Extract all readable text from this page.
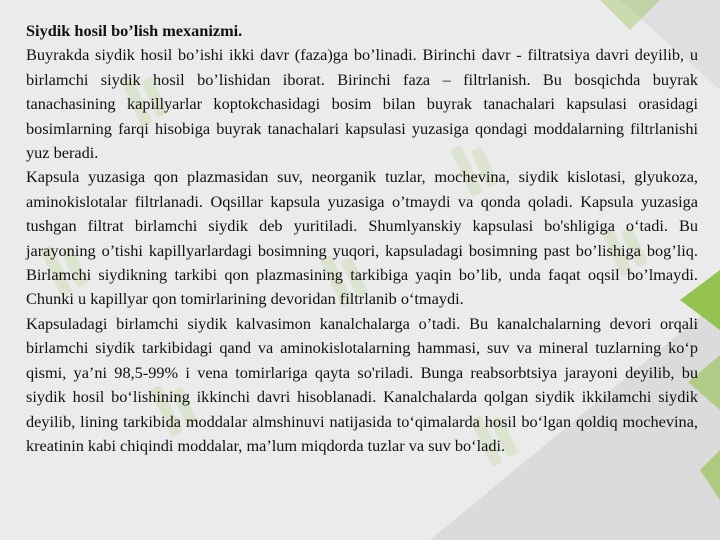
Siydik hosil bo’lish mexanizmi.

Buyrakda siydik hosil bo’ishi ikki davr (faza)ga bo’linadi. Birinchi davr - filtratsiya davri deyilib, u birlamchi siydik hosil bo’lishidan iborat. Birinchi faza – filtrlanish. Bu bosqichda buyrak tanachasining kapillyarlar koptokchasidagi bosim bilan buyrak tanachalari kapsulasi orasidagi bosimlarning farqi hisobiga buyrak tanachalari kapsulasi yuzasiga qondagi moddalarning filtrlanishi yuz beradi.

Kapsula yuzasiga qon plazmasidan suv, neorganik tuzlar, mochevina, siydik kislotasi, glyukoza, aminokislotalar filtrlanadi. Oqsillar kapsula yuzasiga o’tmaydi va qonda qoladi. Kapsula yuzasiga tushgan filtrat birlamchi siydik deb yuritiladi. Shumlyanskiy kapsulasi bo'shligiga o‘tadi. Bu jarayoning o’tishi kapillyarlardagi bosimning yuqori, kapsuladagi bosimning past bo’lishiga bog’liq. Birlamchi siydikning tarkibi qon plazmasining tarkibiga yaqin bo’lib, unda faqat oqsil bo’lmaydi. Chunki u kapillyar qon tomirlarining devoridan filtrlanib o‘tmaydi.

Kapsuladagi birlamchi siydik kalvasimon kanalchalarga o’tadi. Bu kanalchalarning devori orqali birlamchi siydik tarkibidagi qand va aminokislotalarning hammasi, suv va mineral tuzlarning ko‘p qismi, ya’ni 98,5-99% i vena tomirlariga qayta so'riladi. Bunga reabsorbtsiya jarayoni deyilib, bu siydik hosil bo‘lishining ikkinchi davri hisoblanadi. Kanalchalarda qolgan siydik ikkilamchi siydik deyilib, lining tarkibida moddalar almshinuvi natijasida to‘qimalarda hosil bo‘lgan qoldiq mochevina, kreatinin kabi chiqindi moddalar, ma’lum miqdorda tuzlar va suv bo‘ladi.
